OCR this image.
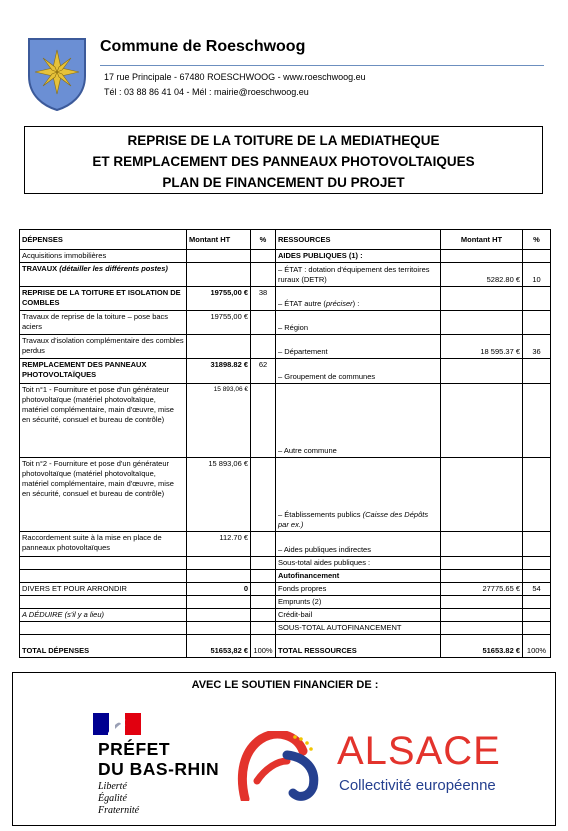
Commune de Roeschwoog
17 rue Principale - 67480 ROESCHWOOG - www.roeschwoog.eu
Tél : 03 88 86 41 04 - Mél : mairie@roeschwoog.eu
REPRISE DE LA TOITURE DE LA MEDIATHEQUE
ET REMPLACEMENT DES PANNEAUX PHOTOVOLTAIQUES
PLAN DE FINANCEMENT DU PROJET
DÉPENSES	Montant HT	%	RESSOURCES	Montant HT	%
Acquisitions immobilières			AIDES PUBLIQUES (1) :		
TRAVAUX (détailler les différents postes)			– ÉTAT : dotation d'équipement des territoires ruraux (DETR)	5282.80 €	10
REPRISE DE LA TOITURE ET ISOLATION DE COMBLES	19755,00 €	38	– ÉTAT autre (préciser) :		
Travaux de reprise de la toiture – pose bacs aciers	19755,00 €		– Région		
Travaux d'isolation complémentaire des combles perdus			– Département	18 595.37 €	36
REMPLACEMENT DES PANNEAUX PHOTOVOLTAÏQUES	31898.82 €	62	– Groupement de communes		
Toit n°1 - Fourniture et pose d'un générateur photovoltaïque (matériel photovoltaïque, matériel complémentaire, main d'œuvre, mise en sécurité, consuel et bureau de contrôle)	15 893,06 €		– Autre commune		
Toit n°2 - Fourniture et pose d'un générateur photovoltaïque (matériel photovoltaïque, matériel complémentaire, main d'œuvre, mise en sécurité, consuel et bureau de contrôle)	15 893,06 €		– Établissements publics (Caisse des Dépôts par ex.)		
Raccordement suite à la mise en place de panneaux photovoltaïques	112.70 €		– Aides publiques indirectes		
			Sous-total aides publiques :		
			Autofinancement		
DIVERS ET POUR ARRONDIR	0		Fonds propres	27775.65 €	54
			Emprunts (2)		
A DÉDUIRE (s'il y a lieu)			Crédit-bail		
			SOUS-TOTAL AUTOFINANCEMENT		
TOTAL DÉPENSES	51653,82 €	100%	TOTAL RESSOURCES	51653.82 €	100%
AVEC LE SOUTIEN FINANCIER DE :
PRÉFET
DU BAS-RHIN
Liberté
Égalité
Fraternité
ALSACE
Collectivité européenne
